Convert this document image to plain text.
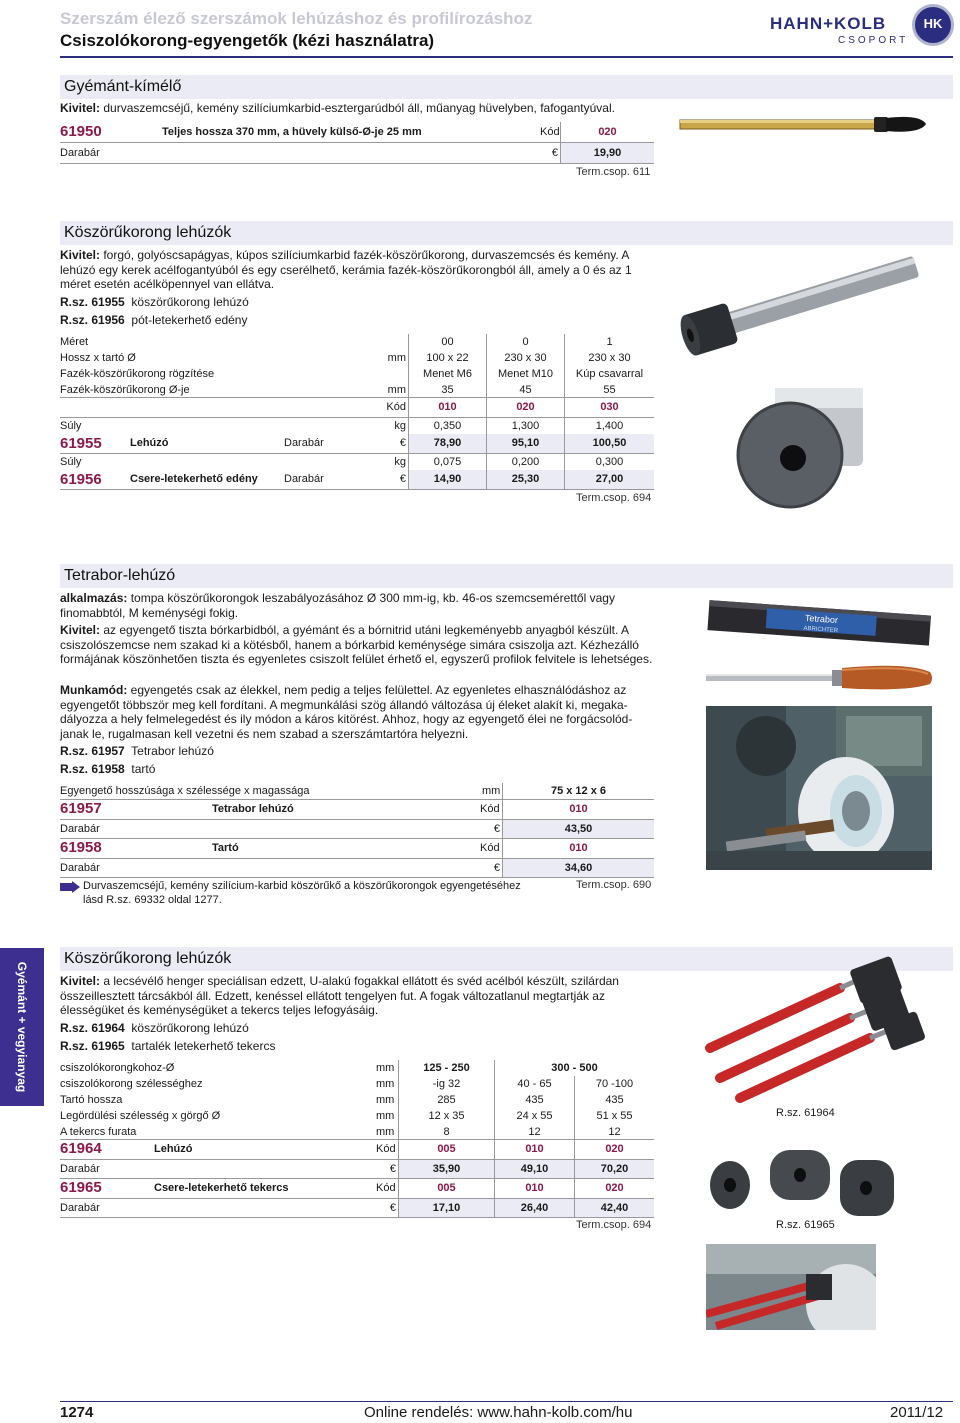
Szerszám élező szerszámok lehúzáshoz és profilírozáshoz
Csiszolókorong-egyengetők (kézi használatra)
HAHN+KOLB
CSOPORT
HK
Gyémánt-kímélő
Kivitel: durvaszemcséjű, kemény szilíciumkarbid-esztergarúdból áll, műanyag hüvelyben, fafogantyúval.
61950	Teljes hossza 370 mm, a hüvely külső-Ø-je 25 mm	Kód	020
Darabár	€	19,90
Term.csop. 611
Köszörűkorong lehúzók
Kivitel: forgó, golyóscsapágyas, kúpos szilíciumkarbid fazék-köszörűkorong, durvaszemcsés és kemény. A lehúzó egy kerek acélfogantyúból és egy cserélhető, kerámia fazék-köszörűkorongból áll, amely a 0 és az 1 méret esetén acélköpennyel van ellátva.
R.sz. 61955 köszörűkorong lehúzó
R.sz. 61956 pót-letekerhető edény
Méret	00	0	1
Hossz x tartó Ø	mm	100 x 22	230 x 30	230 x 30
Fazék-köszörűkorong rögzítése	Menet M6	Menet M10	Kúp csavarral
Fazék-köszörűkorong Ø-je	mm	35	45	55
Kód	010	020	030
Súly	kg	0,350	1,300	1,400
61955	Lehúzó	Darabár	€	78,90	95,10	100,50
Súly	kg	0,075	0,200	0,300
61956	Csere-letekerhető edény Darabár	€	14,90	25,30	27,00
Term.csop. 694
Tetrabor-lehúzó
alkalmazás: tompa köszörűkorongok leszabályozásához Ø 300 mm-ig, kb. 46-os szemcsemérettől vagy finomabbtól, M keménységi fokig.
Kivitel: az egyengető tiszta bórkarbidból, a gyémánt és a bórnitrid utáni legkeményebb anyagból készült. A csiszolószemcse nem szakad ki a kötésből, hanem a bórkarbid keménysége simára csiszolja azt. Kézhezálló formájának köszönhetően tiszta és egyenletes csiszolt felület érhető el, egyszerű profilok felvitele is lehetséges.
Munkamód: egyengetés csak az élekkel, nem pedig a teljes felülettel. Az egyenletes elhasználódáshoz az egyengetőt többször meg kell fordítani. A megmunkálási szög állandó változása új éleket alakít ki, megakadályozza a hely felmelegedést és ily módon a káros kitörést. Ahhoz, hogy az egyengető élei ne forgácsolódjanak le, rugalmasan kell vezetni és nem szabad a szerszámtartóra helyezni.
R.sz. 61957 Tetrabor lehúzó
R.sz. 61958 tartó
Egyengető hosszúsága x szélessége x magassága	mm	75 x 12 x 6
61957	Tetrabor lehúzó	Kód	010
Darabár	€	43,50
61958	Tartó	Kód	010
Darabár	€	34,60
Durvaszemcséjű, kemény szilícium-karbid köszörűkő a köszörűkorongok egyengetéséhez
lásd R.sz. 69332 oldal 1277.
Term.csop. 690
Tetrabor
ABRICHTER
Gyémánt + vegyianyag
Köszörűkorong lehúzók
Kivitel: a lecsévélő henger speciálisan edzett, U-alakú fogakkal ellátott és svéd acélból készült, szilárdan összeillesztett tárcsákból áll. Edzett, kenéssel ellátott tengelyen fut. A fogak változatlanul megtartják az élességüket és keménységüket a tekercs teljes lefogyásáig.
R.sz. 61964 köszörűkorong lehúzó
R.sz. 61965 tartalék letekerhető tekercs
csiszolókorongkohoz-Ø	mm	125 - 250	300 - 500
csiszolókorong szélességhez	mm	-ig 32	40 - 65	70 -100
Tartó hossza	mm	285	435	435
Legördülési szélesség x görgő Ø	mm	12 x 35	24 x 55	51 x 55
A tekercs furata	mm	8	12	12
61964	Lehúzó	Kód	005	010	020
Darabár	€	35,90	49,10	70,20
61965	Csere-letekerhető tekercs	Kód	005	010	020
Darabár	€	17,10	26,40	42,40
Term.csop. 694
R.sz. 61964
R.sz. 61965
1274	Online rendelés: www.hahn-kolb.com/hu	2011/12
